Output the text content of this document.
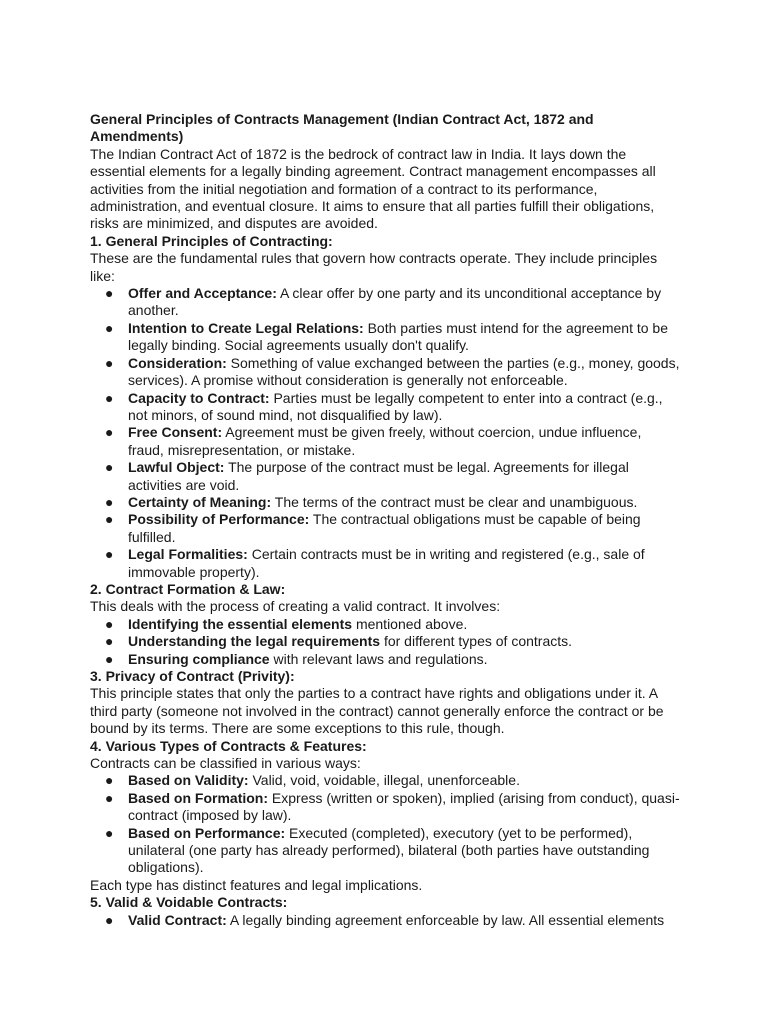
General Principles of Contracts Management (Indian Contract Act, 1872 and Amendments)

The Indian Contract Act of 1872 is the bedrock of contract law in India. It lays down the essential elements for a legally binding agreement. Contract management encompasses all activities from the initial negotiation and formation of a contract to its performance, administration, and eventual closure. It aims to ensure that all parties fulfill their obligations, risks are minimized, and disputes are avoided.

1. General Principles of Contracting:

These are the fundamental rules that govern how contracts operate. They include principles like:

● Offer and Acceptance: A clear offer by one party and its unconditional acceptance by another.
● Intention to Create Legal Relations: Both parties must intend for the agreement to be legally binding. Social agreements usually don't qualify.
● Consideration: Something of value exchanged between the parties (e.g., money, goods, services). A promise without consideration is generally not enforceable.
● Capacity to Contract: Parties must be legally competent to enter into a contract (e.g., not minors, of sound mind, not disqualified by law).
● Free Consent: Agreement must be given freely, without coercion, undue influence, fraud, misrepresentation, or mistake.
● Lawful Object: The purpose of the contract must be legal. Agreements for illegal activities are void.
● Certainty of Meaning: The terms of the contract must be clear and unambiguous.
● Possibility of Performance: The contractual obligations must be capable of being fulfilled.
● Legal Formalities: Certain contracts must be in writing and registered (e.g., sale of immovable property).

2. Contract Formation & Law:

This deals with the process of creating a valid contract. It involves:

● Identifying the essential elements mentioned above.
● Understanding the legal requirements for different types of contracts.
● Ensuring compliance with relevant laws and regulations.

3. Privacy of Contract (Privity):

This principle states that only the parties to a contract have rights and obligations under it. A third party (someone not involved in the contract) cannot generally enforce the contract or be bound by its terms. There are some exceptions to this rule, though.

4. Various Types of Contracts & Features:

Contracts can be classified in various ways:

● Based on Validity: Valid, void, voidable, illegal, unenforceable.
● Based on Formation: Express (written or spoken), implied (arising from conduct), quasi-contract (imposed by law).
● Based on Performance: Executed (completed), executory (yet to be performed), unilateral (one party has already performed), bilateral (both parties have outstanding obligations).

Each type has distinct features and legal implications.

5. Valid & Voidable Contracts:

● Valid Contract: A legally binding agreement enforceable by law. All essential elements
